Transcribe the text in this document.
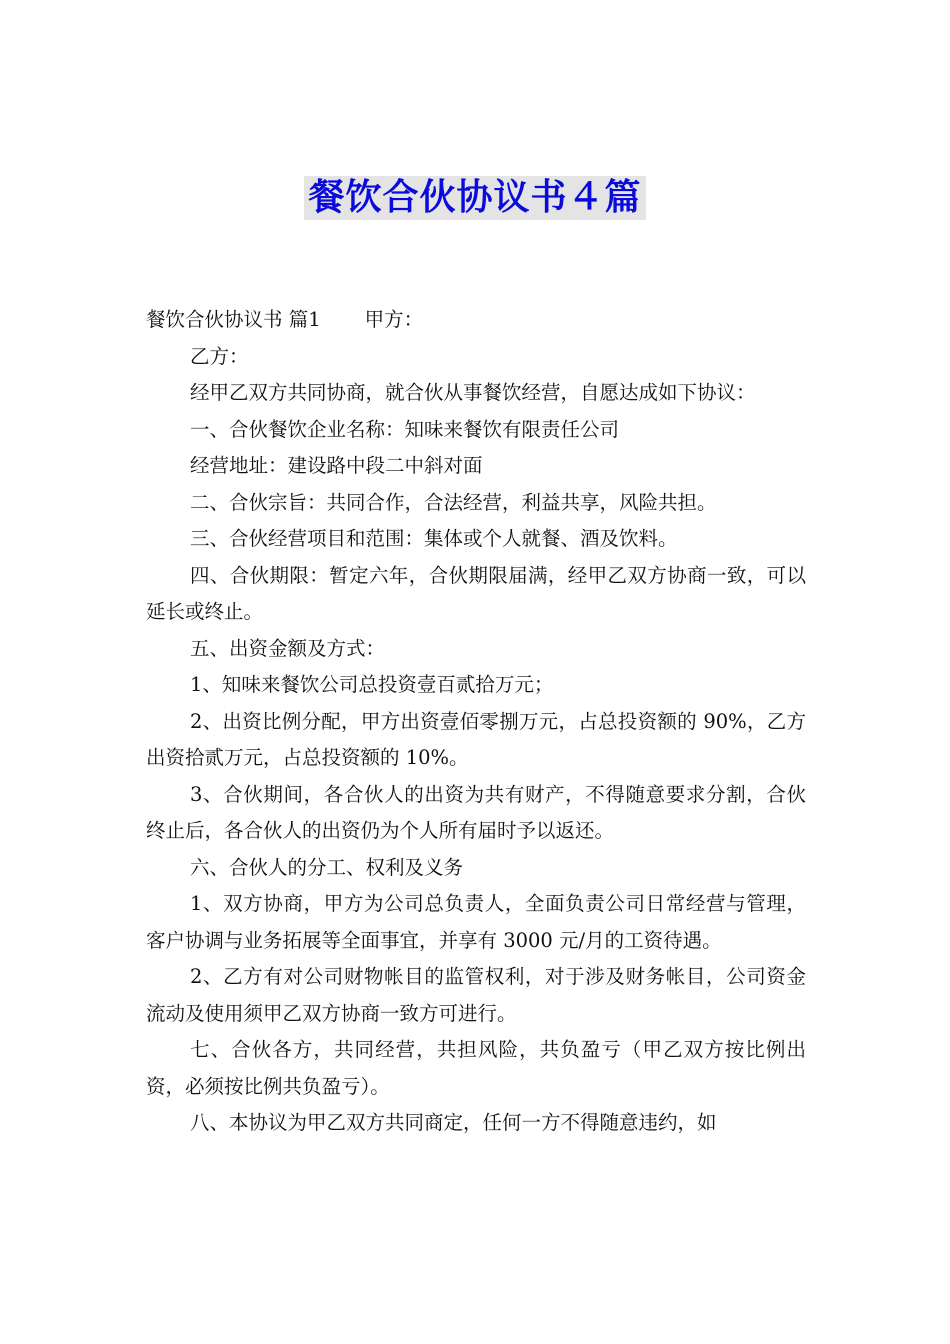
餐饮合伙协议书４篇

餐饮合伙协议书 篇1 甲方：

乙方：

经甲乙双方共同协商，就合伙从事餐饮经营，自愿达成如下协议：

一、合伙餐饮企业名称：知味来餐饮有限责任公司

经营地址：建设路中段二中斜对面

二、合伙宗旨：共同合作，合法经营，利益共享，风险共担。

三、合伙经营项目和范围：集体或个人就餐、酒及饮料。

四、合伙期限：暂定六年，合伙期限届满，经甲乙双方协商一致，可以延长或终止。

五、出资金额及方式：

1、知味来餐饮公司总投资壹百贰拾万元；

2、出资比例分配，甲方出资壹佰零捌万元，占总投资额的 90%，乙方出资拾贰万元，占总投资额的 10%。

3、合伙期间，各合伙人的出资为共有财产，不得随意要求分割，合伙终止后，各合伙人的出资仍为个人所有届时予以返还。

六、合伙人的分工、权利及义务

1、双方协商，甲方为公司总负责人，全面负责公司日常经营与管理，客户协调与业务拓展等全面事宜，并享有 3000 元/月的工资待遇。

2、乙方有对公司财物帐目的监管权利，对于涉及财务帐目，公司资金流动及使用须甲乙双方协商一致方可进行。

七、合伙各方，共同经营，共担风险，共负盈亏（甲乙双方按比例出资，必须按比例共负盈亏）。

八、本协议为甲乙双方共同商定，任何一方不得随意违约，如
